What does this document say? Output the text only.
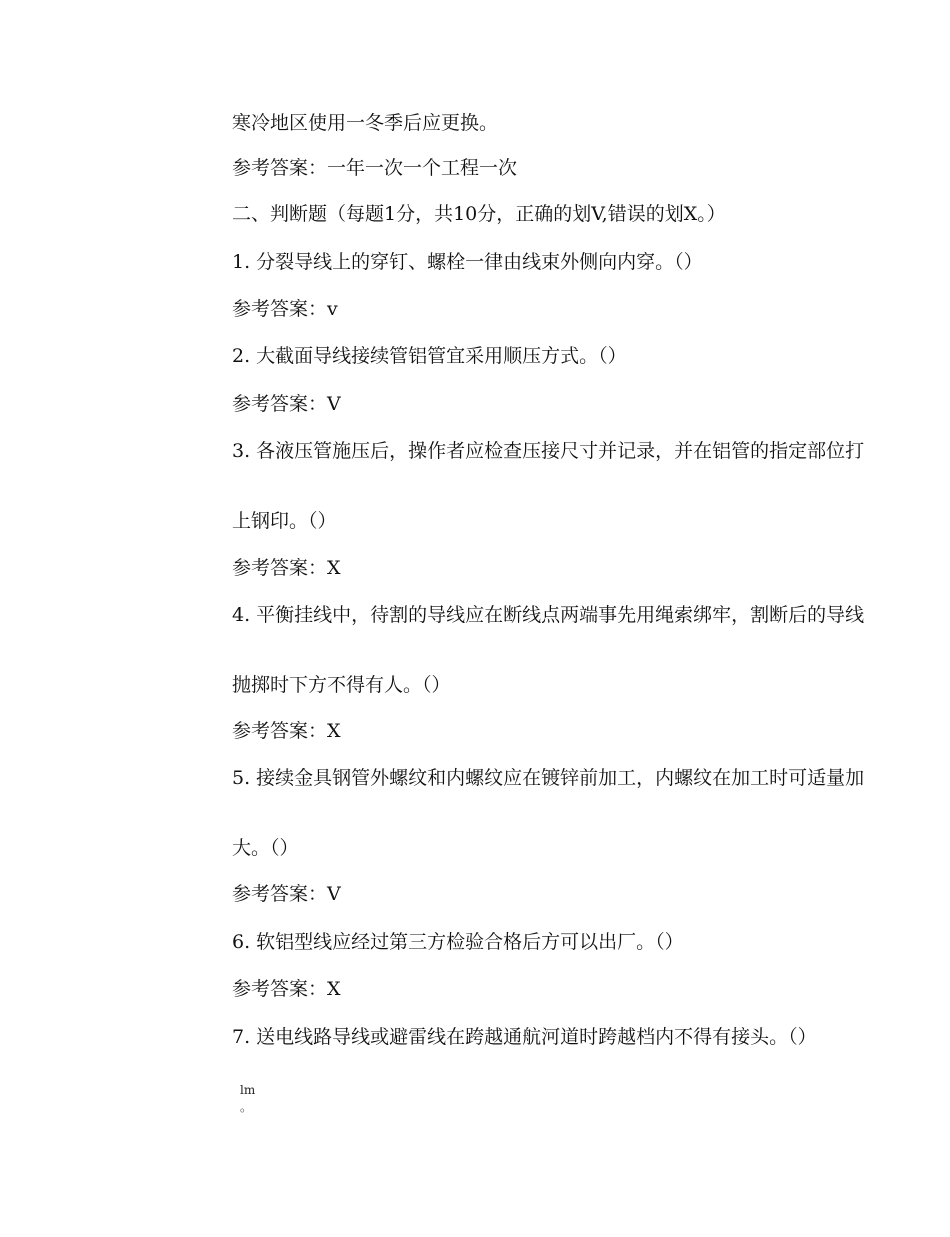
寒冷地区使用一冬季后应更换。
参考答案：一年一次一个工程一次
二、判断题（每题1分，共10分，正确的划V,错误的划X。）
1. 分裂导线上的穿钉、螺栓一律由线束外侧向内穿。（）
参考答案：v
2. 大截面导线接续管铝管宜采用顺压方式。（）
参考答案：V
3. 各液压管施压后，操作者应检查压接尺寸并记录，并在铝管的指定部位打
上钢印。（）
参考答案：X
4. 平衡挂线中，待割的导线应在断线点两端事先用绳索绑牢，割断后的导线
抛掷时下方不得有人。（）
参考答案：X
5. 接续金具钢管外螺纹和内螺纹应在镀锌前加工，内螺纹在加工时可适量加
大。（）
参考答案：V
6. 软铝型线应经过第三方检验合格后方可以出厂。（）
参考答案：X
7. 送电线路导线或避雷线在跨越通航河道时跨越档内不得有接头。（）
lm
。
